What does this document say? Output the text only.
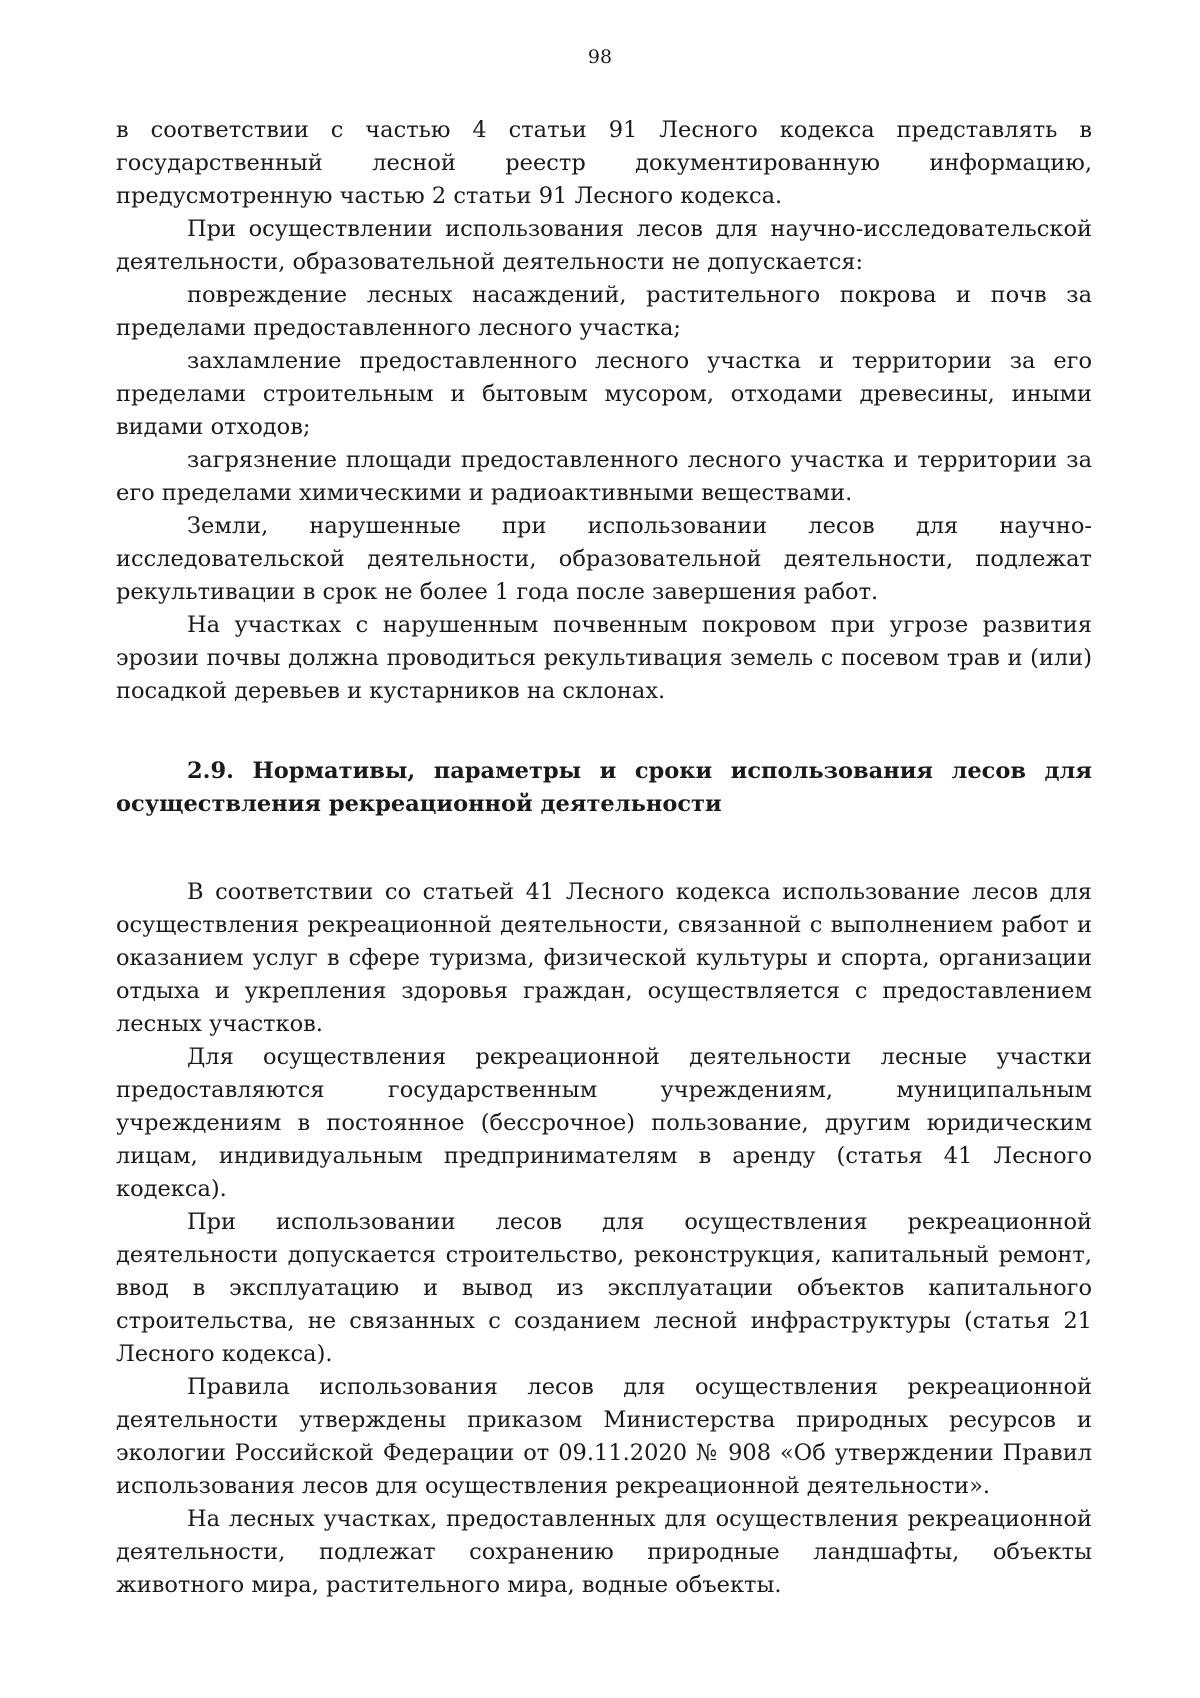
98

в соответствии с частью 4 статьи 91 Лесного кодекса представлять в государственный лесной реестр документированную информацию, предусмотренную частью 2 статьи 91 Лесного кодекса.

При осуществлении использования лесов для научно-исследовательской деятельности, образовательной деятельности не допускается:

повреждение лесных насаждений, растительного покрова и почв за пределами предоставленного лесного участка;

захламление предоставленного лесного участка и территории за его пределами строительным и бытовым мусором, отходами древесины, иными видами отходов;

загрязнение площади предоставленного лесного участка и территории за его пределами химическими и радиоактивными веществами.

Земли, нарушенные при использовании лесов для научно-исследовательской деятельности, образовательной деятельности, подлежат рекультивации в срок не более 1 года после завершения работ.

На участках с нарушенным почвенным покровом при угрозе развития эрозии почвы должна проводиться рекультивация земель с посевом трав и (или) посадкой деревьев и кустарников на склонах.

2.9. Нормативы, параметры и сроки использования лесов для осуществления рекреационной деятельности

В соответствии со статьей 41 Лесного кодекса использование лесов для осуществления рекреационной деятельности, связанной с выполнением работ и оказанием услуг в сфере туризма, физической культуры и спорта, организации отдыха и укрепления здоровья граждан, осуществляется с предоставлением лесных участков.

Для осуществления рекреационной деятельности лесные участки предоставляются государственным учреждениям, муниципальным учреждениям в постоянное (бессрочное) пользование, другим юридическим лицам, индивидуальным предпринимателям в аренду (статья 41 Лесного кодекса).

При использовании лесов для осуществления рекреационной деятельности допускается строительство, реконструкция, капитальный ремонт, ввод в эксплуатацию и вывод из эксплуатации объектов капитального строительства, не связанных с созданием лесной инфраструктуры (статья 21 Лесного кодекса).

Правила использования лесов для осуществления рекреационной деятельности утверждены приказом Министерства природных ресурсов и экологии Российской Федерации от 09.11.2020 № 908 «Об утверждении Правил использования лесов для осуществления рекреационной деятельности».

На лесных участках, предоставленных для осуществления рекреационной деятельности, подлежат сохранению природные ландшафты, объекты животного мира, растительного мира, водные объекты.
